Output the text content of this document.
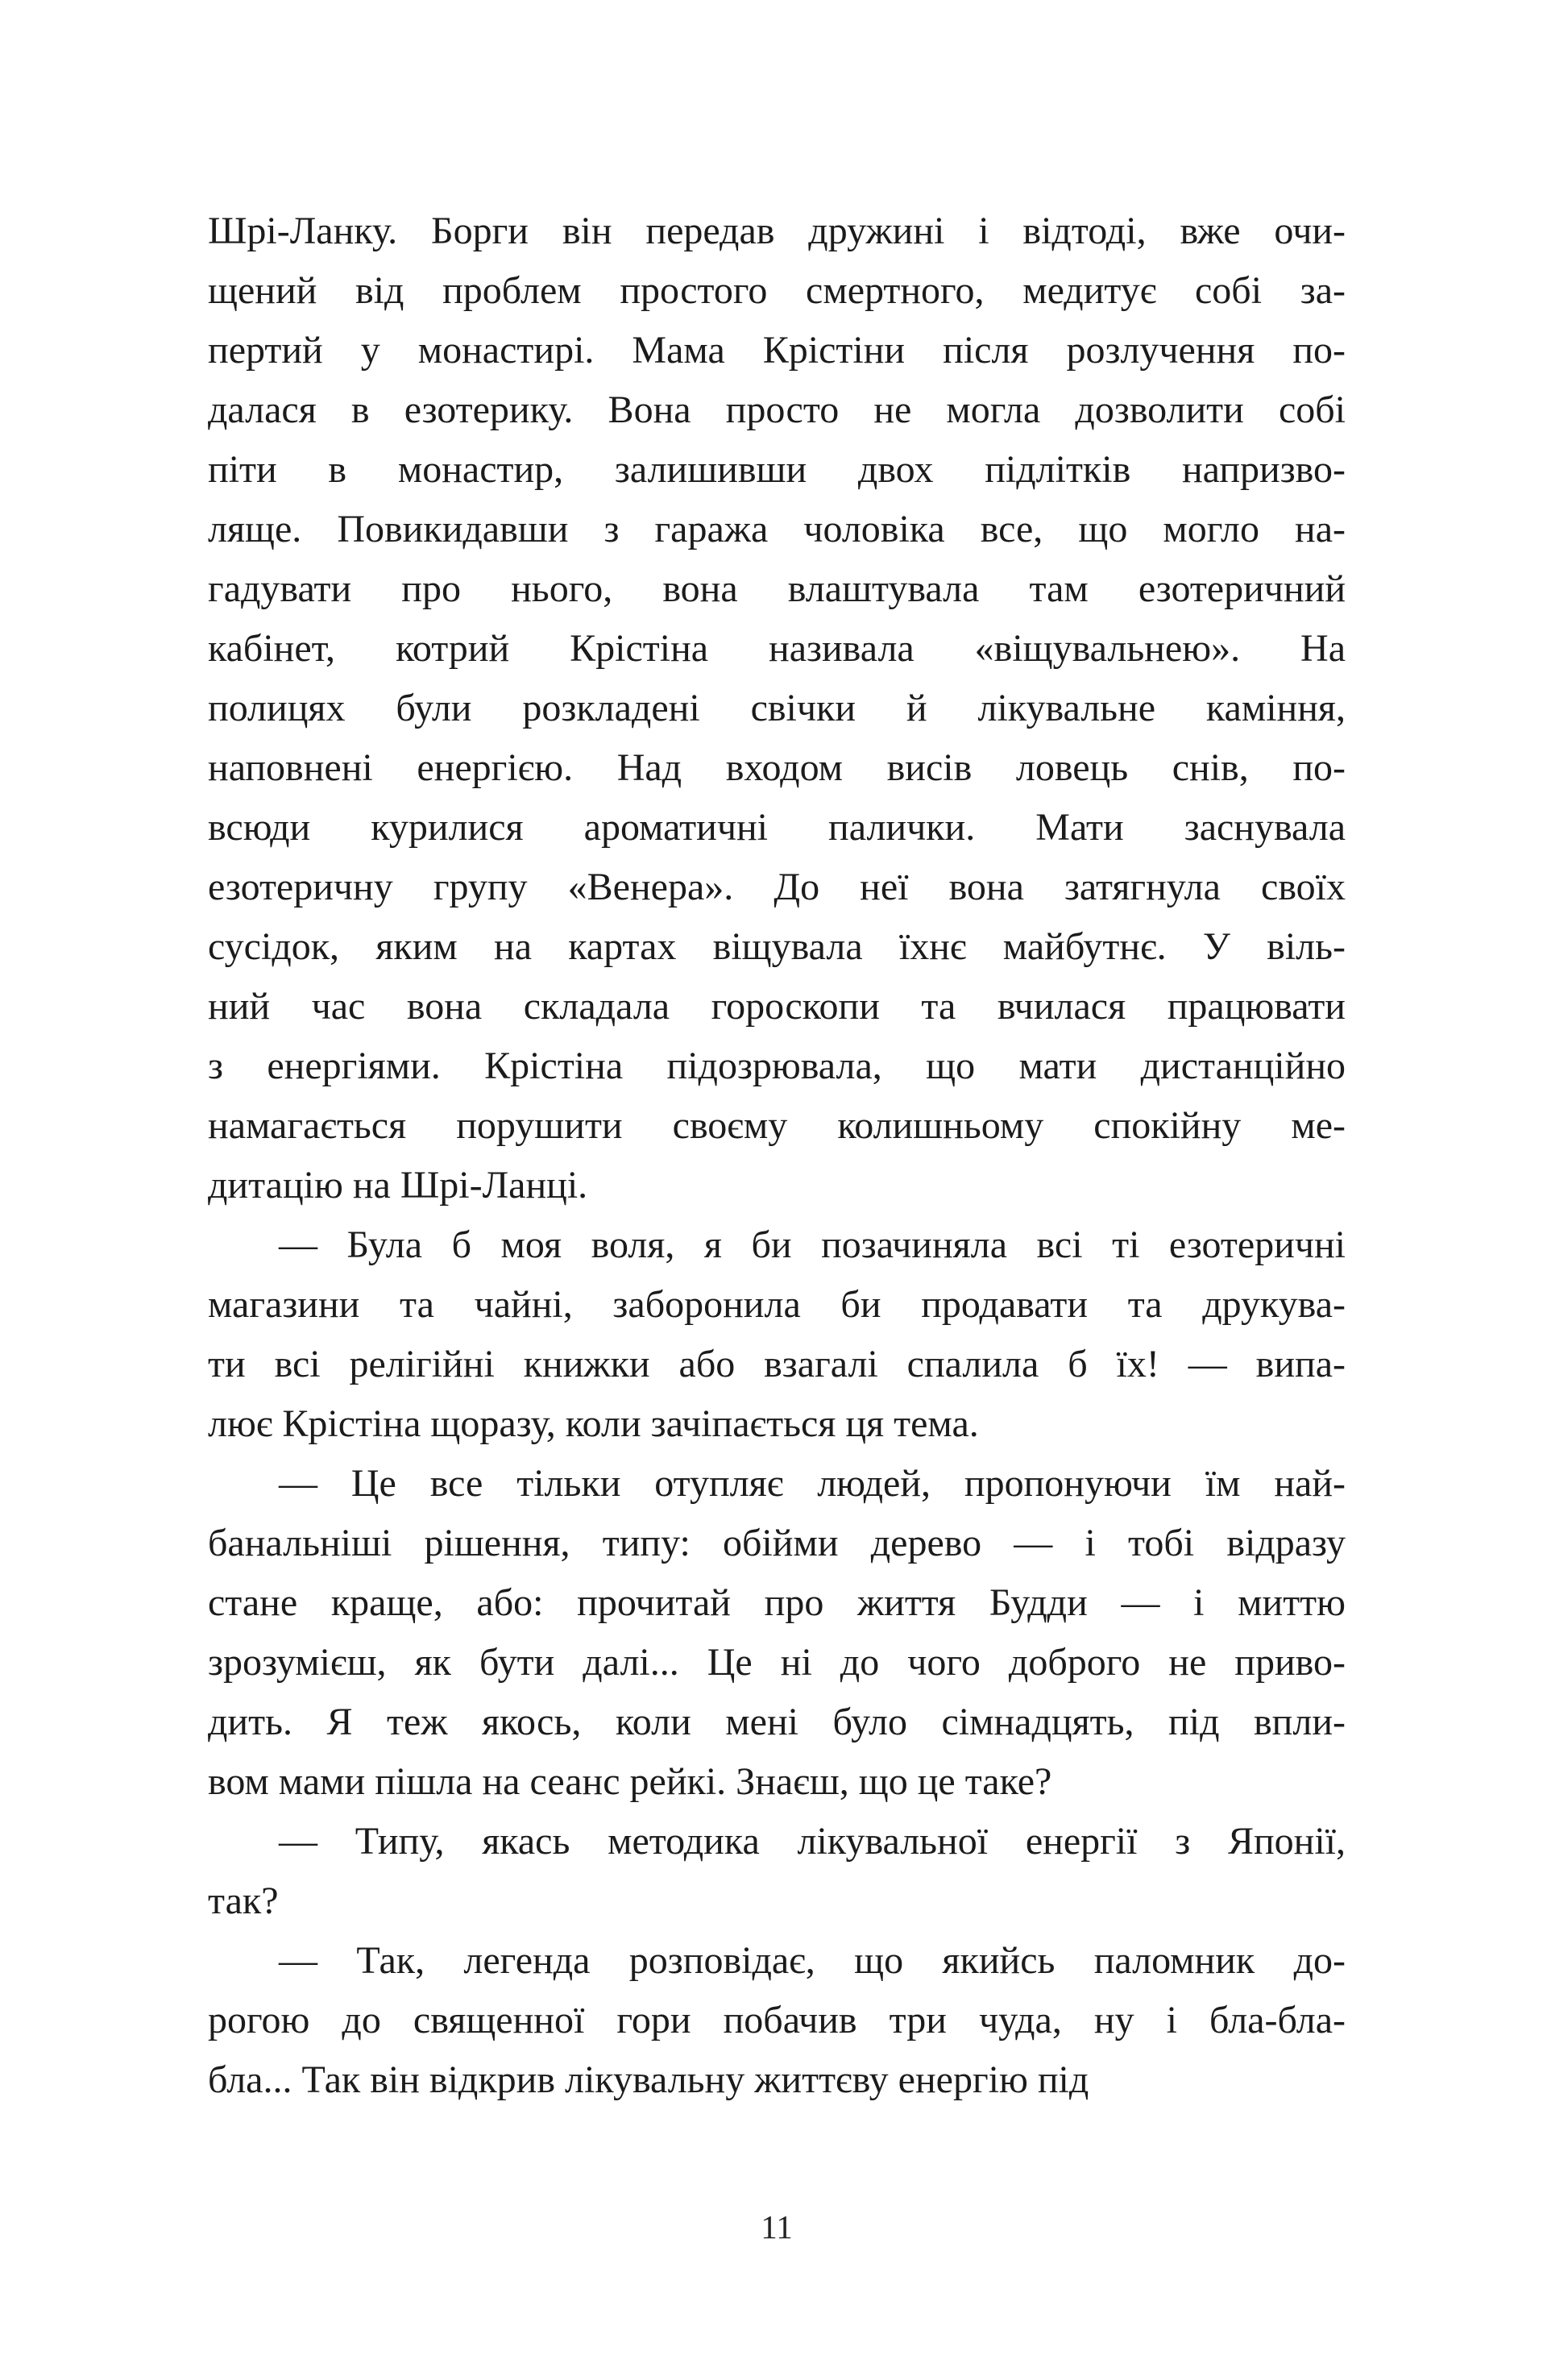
Шрі-Ланку. Борги він передав дружині і відтоді, вже очи-
щений від проблем простого смертного, медитує собі за-
пертий у монастирі. Мама Крістіни після розлучення по-
далася в езотерику. Вона просто не могла дозволити собі
піти в монастир, залишивши двох підлітків напризво-
ляще. Повикидавши з гаража чоловіка все, що могло на-
гадувати про нього, вона влаштувала там езотеричний
кабінет, котрий Крістіна називала «віщувальнею». На
полицях були розкладені свічки й лікувальне каміння,
наповнені енергією. Над входом висів ловець снів, по-
всюди курилися ароматичні палички. Мати заснувала
езотеричну групу «Венера». До неї вона затягнула своїх
сусідок, яким на картах віщувала їхнє майбутнє. У віль-
ний час вона складала гороскопи та вчилася працювати
з енергіями. Крістіна підозрювала, що мати дистанційно
намагається порушити своєму колишньому спокійну ме-
дитацію на Шрі-Ланці.
— Була б моя воля, я би позачиняла всі ті езотеричні
магазини та чайні, заборонила би продавати та друкува-
ти всі релігійні книжки або взагалі спалила б їх! — випа-
лює Крістіна щоразу, коли зачіпається ця тема.
— Це все тільки отупляє людей, пропонуючи їм най-
банальніші рішення, типу: обійми дерево — і тобі відразу
стане краще, або: прочитай про життя Будди — і миттю
зрозумієш, як бути далі... Це ні до чого доброго не приво-
дить. Я теж якось, коли мені було сімнадцять, під впли-
вом мами пішла на сеанс рейкі. Знаєш, що це таке?
— Типу, якась методика лікувальної енергії з Японії,
так?
— Так, легенда розповідає, що якийсь паломник до-
рогою до священної гори побачив три чуда, ну і бла-бла-
бла... Так він відкрив лікувальну життєву енергію під
11
